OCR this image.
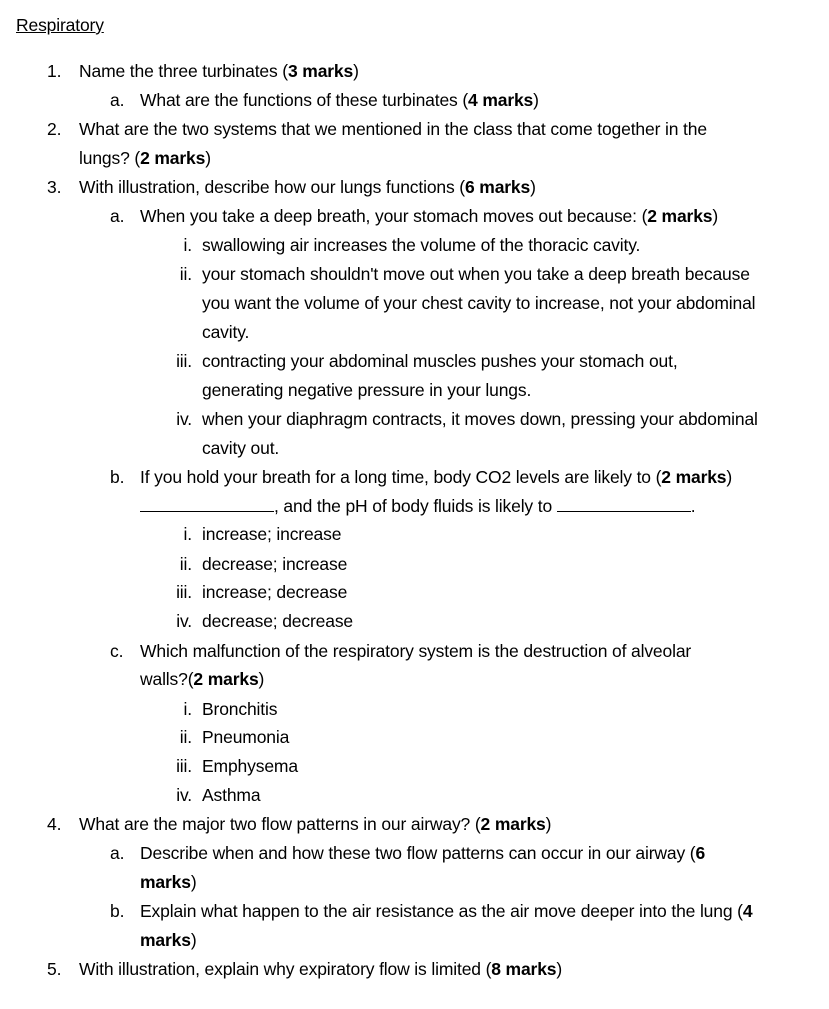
Respiratory
1. Name the three turbinates (3 marks)
a. What are the functions of these turbinates (4 marks)
2. What are the two systems that we mentioned in the class that come together in the
lungs? (2 marks)
3. With illustration, describe how our lungs functions (6 marks)
a. When you take a deep breath, your stomach moves out because: (2 marks)
i. swallowing air increases the volume of the thoracic cavity.
ii. your stomach shouldn't move out when you take a deep breath because
you want the volume of your chest cavity to increase, not your abdominal
cavity.
iii. contracting your abdominal muscles pushes your stomach out,
generating negative pressure in your lungs.
iv. when your diaphragm contracts, it moves down, pressing your abdominal
cavity out.
b. If you hold your breath for a long time, body CO2 levels are likely to (2 marks)
, and the pH of body fluids is likely to	.
i. increase; increase
ii. decrease; increase
iii. increase; decrease
iv. decrease; decrease
c. Which malfunction of the respiratory system is the destruction of alveolar
walls?(2 marks)
i. Bronchitis
ii. Pneumonia
iii. Emphysema
iv. Asthma
4. What are the major two flow patterns in our airway? (2 marks)
a. Describe when and how these two flow patterns can occur in our airway (6
marks)
b. Explain what happen to the air resistance as the air move deeper into the lung (4
marks)
5. With illustration, explain why expiratory flow is limited (8 marks)
